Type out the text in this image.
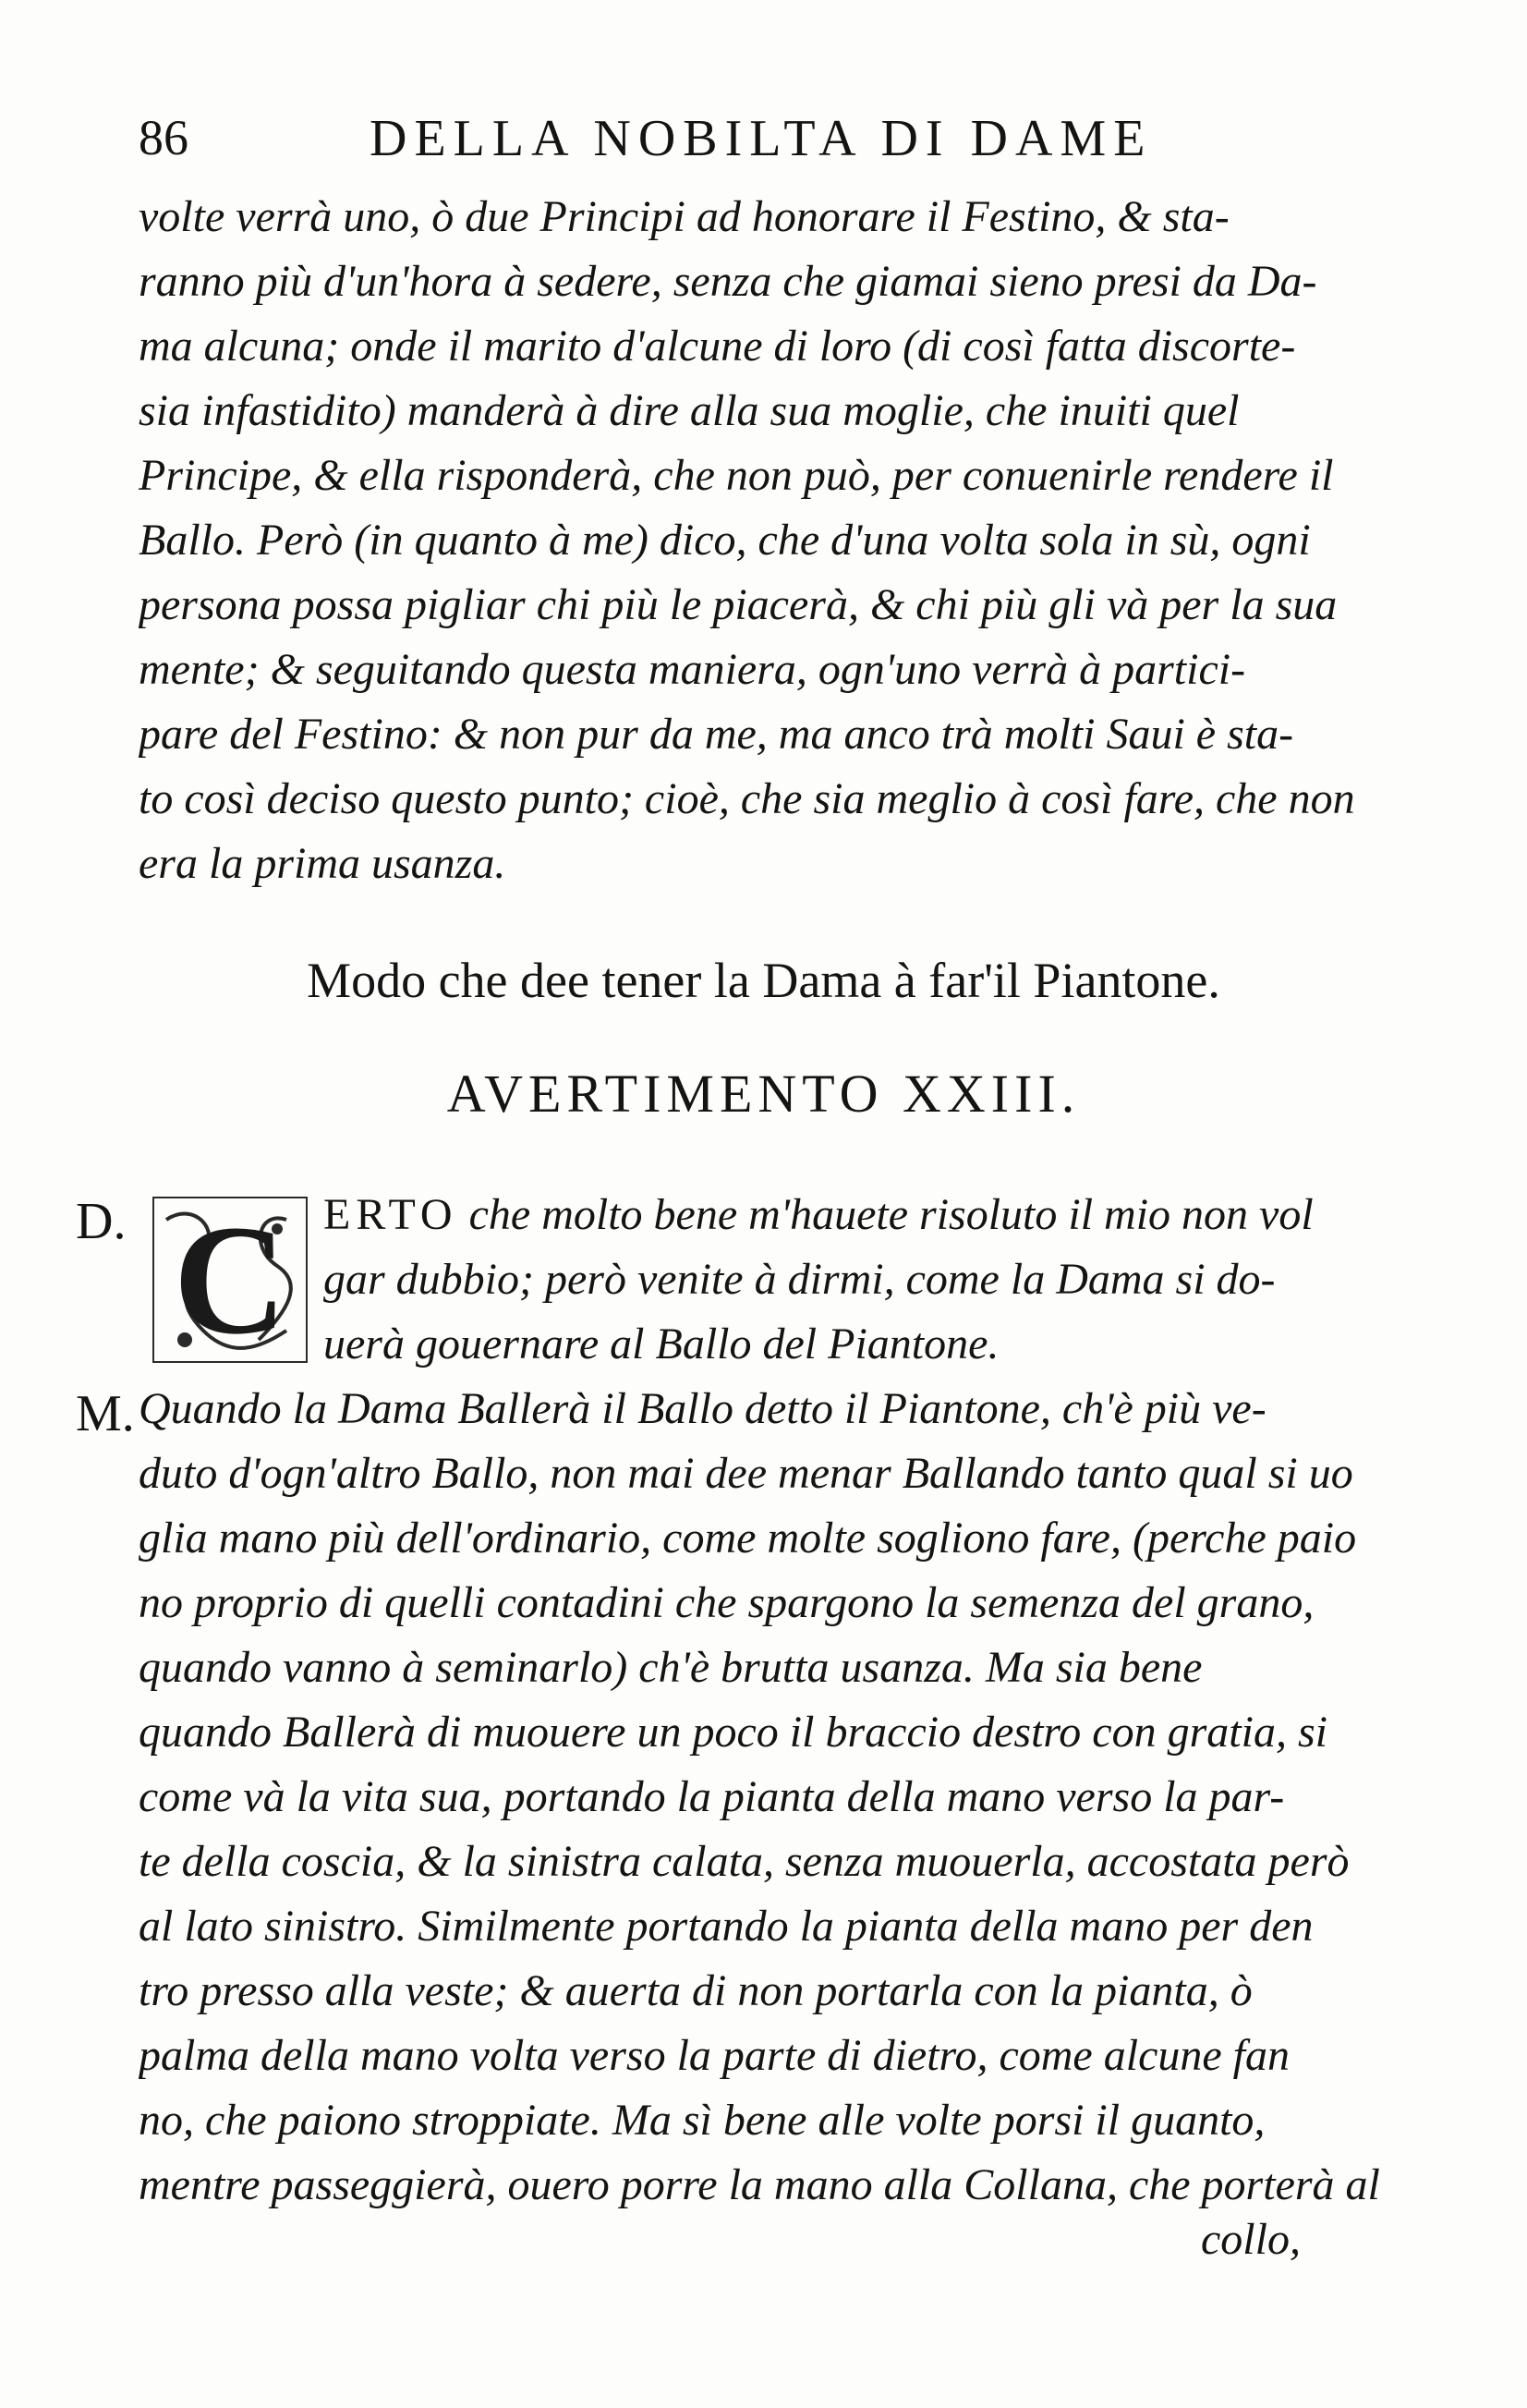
86	DELLA NOBILTA DI DAME
volte verrà uno, ò due Principi ad honorare il Festino, & sta-
ranno più d'un'hora à sedere, senza che giamai sieno presi da Da-
ma alcuna; onde il marito d'alcune di loro (di così fatta discorte-
sia infastidito) manderà à dire alla sua moglie, che inuiti quel
Principe, & ella risponderà, che non può, per conuenirle rendere il
Ballo. Però (in quanto à me) dico, che d'una volta sola in sù, ogni
persona possa pigliar chi più le piacerà, & chi più gli và per la sua
mente; & seguitando questa maniera, ogn'uno verrà à partici-
pare del Festino: & non pur da me, ma anco trà molti Saui è sta-
to così deciso questo punto; cioè, che sia meglio à così fare, che non
era la prima usanza.
Modo che dee tener la Dama à far'il Piantone.
AVERTIMENTO XXIII.
D. C ERTO che molto bene m'hauete risoluto il mio non vol
gar dubbio; però venite à dirmi, come la Dama si do-
uerà gouernare al Ballo del Piantone.
M. Quando la Dama Ballerà il Ballo detto il Piantone, ch'è più ve-
duto d'ogn'altro Ballo, non mai dee menar Ballando tanto qual si uo
glia mano più dell'ordinario, come molte sogliono fare, (perche paio
no proprio di quelli contadini che spargono la semenza del grano,
quando vanno à seminarlo) ch'è brutta usanza. Ma sia bene
quando Ballerà di muouere un poco il braccio destro con gratia, si
come và la vita sua, portando la pianta della mano verso la par-
te della coscia, & la sinistra calata, senza muouerla, accostata però
al lato sinistro. Similmente portando la pianta della mano per den
tro presso alla veste; & auerta di non portarla con la pianta, ò
palma della mano volta verso la parte di dietro, come alcune fan
no, che paiono stroppiate. Ma sì bene alle volte porsi il guanto,
mentre passeggierà, ouero porre la mano alla Collana, che porterà al
collo,
